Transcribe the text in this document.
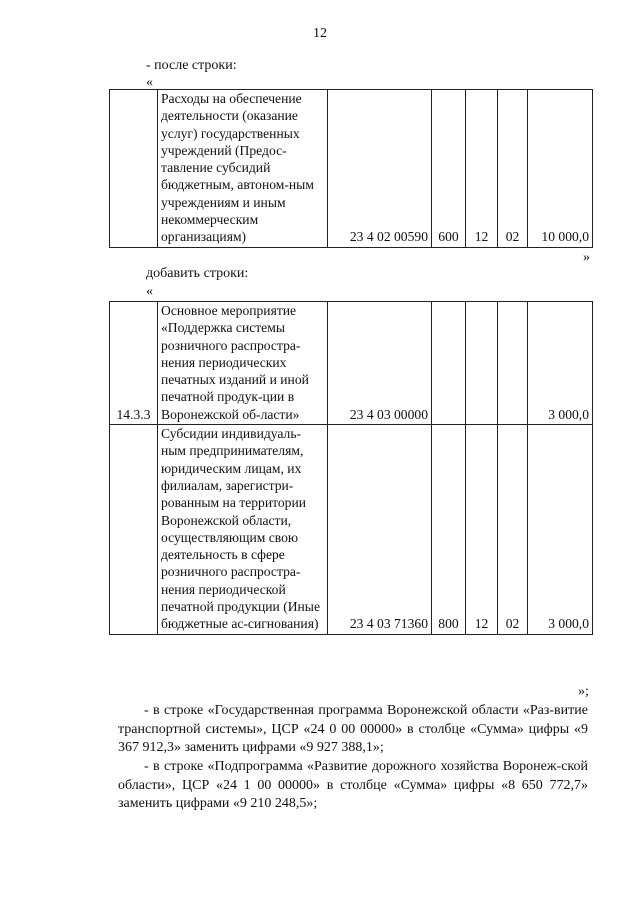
12
- после строки:
«
	Расходы на обеспечение деятельности (оказание услуг) государственных учреждений (Предос-тавление субсидий бюджетным, автоном-ным учреждениям и иным некоммерческим организациям)	23 4 02 00590	600	12	02	10 000,0
»
добавить строки:
«
14.3.3	Основное мероприятие «Поддержка системы розничного распростра-нения периодических печатных изданий и иной печатной продук-ции в Воронежской об-ласти»	23 4 03 00000				3 000,0
	Субсидии индивидуаль-ным предпринимателям, юридическим лицам, их филиалам, зарегистри-рованным на территории Воронежской области, осуществляющим свою деятельность в сфере розничного распростра-нения периодической печатной продукции (Иные бюджетные ас-сигнования)	23 4 03 71360	800	12	02	3 000,0
»;
- в строке «Государственная программа Воронежской области «Раз-витие транспортной системы», ЦСР «24 0 00 00000» в столбце «Сумма» цифры «9 367 912,3» заменить цифрами «9 927 388,1»;
- в строке «Подпрограмма «Развитие дорожного хозяйства Воронеж-ской области», ЦСР «24 1 00 00000» в столбце «Сумма» цифры «8 650 772,7» заменить цифрами «9 210 248,5»;
